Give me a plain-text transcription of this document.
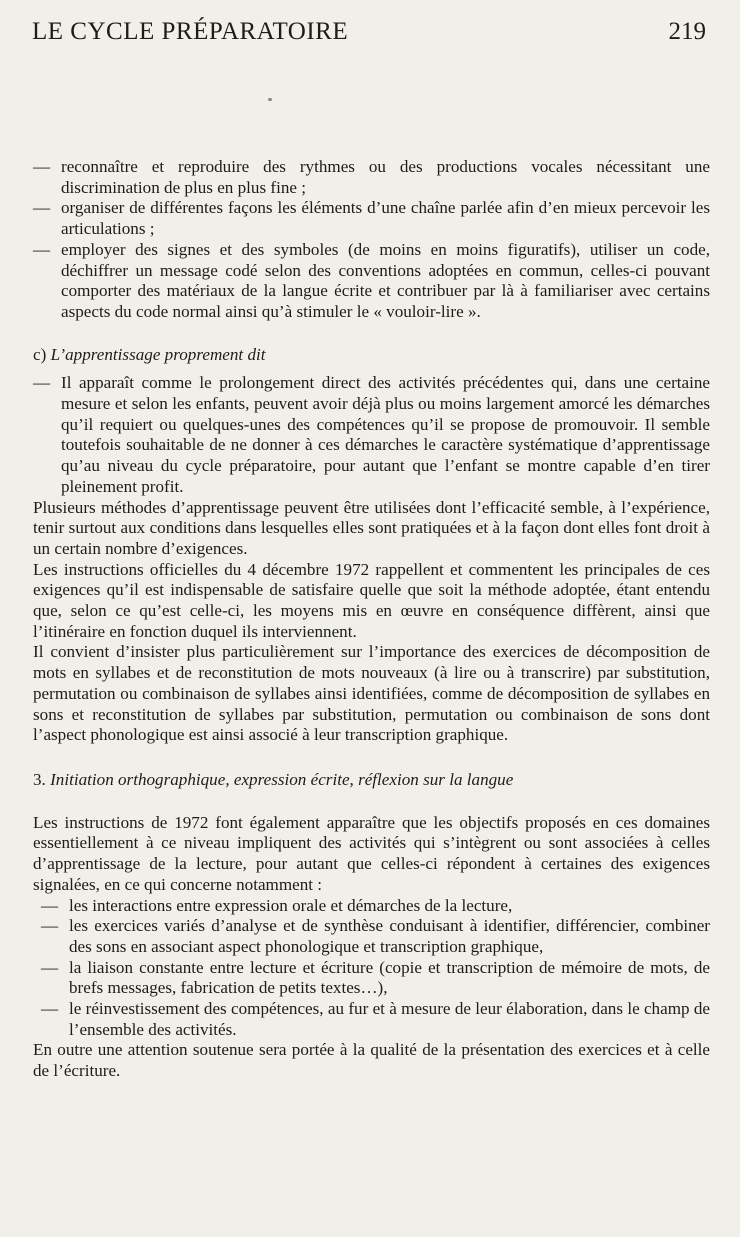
LE CYCLE PRÉPARATOIRE	219
— reconnaître et reproduire des rythmes ou des productions vocales nécessitant une discrimination de plus en plus fine ;
— organiser de différentes façons les éléments d’une chaîne parlée afin d’en mieux percevoir les articulations ;
— employer des signes et des symboles (de moins en moins figuratifs), utiliser un code, déchiffrer un message codé selon des conventions adoptées en commun, celles-ci pouvant comporter des matériaux de la langue écrite et contribuer par là à familiariser avec certains aspects du code normal ainsi qu’à stimuler le « vouloir-lire ».
c) L’apprentissage proprement dit
— Il apparaît comme le prolongement direct des activités précédentes qui, dans une certaine mesure et selon les enfants, peuvent avoir déjà plus ou moins largement amorcé les démarches qu’il requiert ou quelques-unes des compétences qu’il se propose de promouvoir. Il semble toutefois souhaitable de ne donner à ces démarches le caractère systématique d’apprentissage qu’au niveau du cycle préparatoire, pour autant que l’enfant se montre capable d’en tirer pleinement profit.
Plusieurs méthodes d’apprentissage peuvent être utilisées dont l’efficacité semble, à l’expérience, tenir surtout aux conditions dans lesquelles elles sont pratiquées et à la façon dont elles font droit à un certain nombre d’exigences.
Les instructions officielles du 4 décembre 1972 rappellent et commentent les principales de ces exigences qu’il est indispensable de satisfaire quelle que soit la méthode adoptée, étant entendu que, selon ce qu’est celle-ci, les moyens mis en œuvre en conséquence diffèrent, ainsi que l’itinéraire en fonction duquel ils interviennent.
Il convient d’insister plus particulièrement sur l’importance des exercices de décomposition de mots en syllabes et de reconstitution de mots nouveaux (à lire ou à transcrire) par substitution, permutation ou combinaison de syllabes ainsi identifiées, comme de décomposition de syllabes en sons et reconstitution de syllabes par substitution, permutation ou combinaison de sons dont l’aspect phonologique est ainsi associé à leur transcription graphique.
3. Initiation orthographique, expression écrite, réflexion sur la langue
Les instructions de 1972 font également apparaître que les objectifs proposés en ces domaines essentiellement à ce niveau impliquent des activités qui s’intègrent ou sont associées à celles d’apprentissage de la lecture, pour autant que celles-ci répondent à certaines des exigences signalées, en ce qui concerne notamment :
— les interactions entre expression orale et démarches de la lecture,
— les exercices variés d’analyse et de synthèse conduisant à identifier, différencier, combiner des sons en associant aspect phonologique et transcription graphique,
— la liaison constante entre lecture et écriture (copie et transcription de mémoire de mots, de brefs messages, fabrication de petits textes…),
— le réinvestissement des compétences, au fur et à mesure de leur élaboration, dans le champ de l’ensemble des activités.
En outre une attention soutenue sera portée à la qualité de la présentation des exercices et à celle de l’écriture.
